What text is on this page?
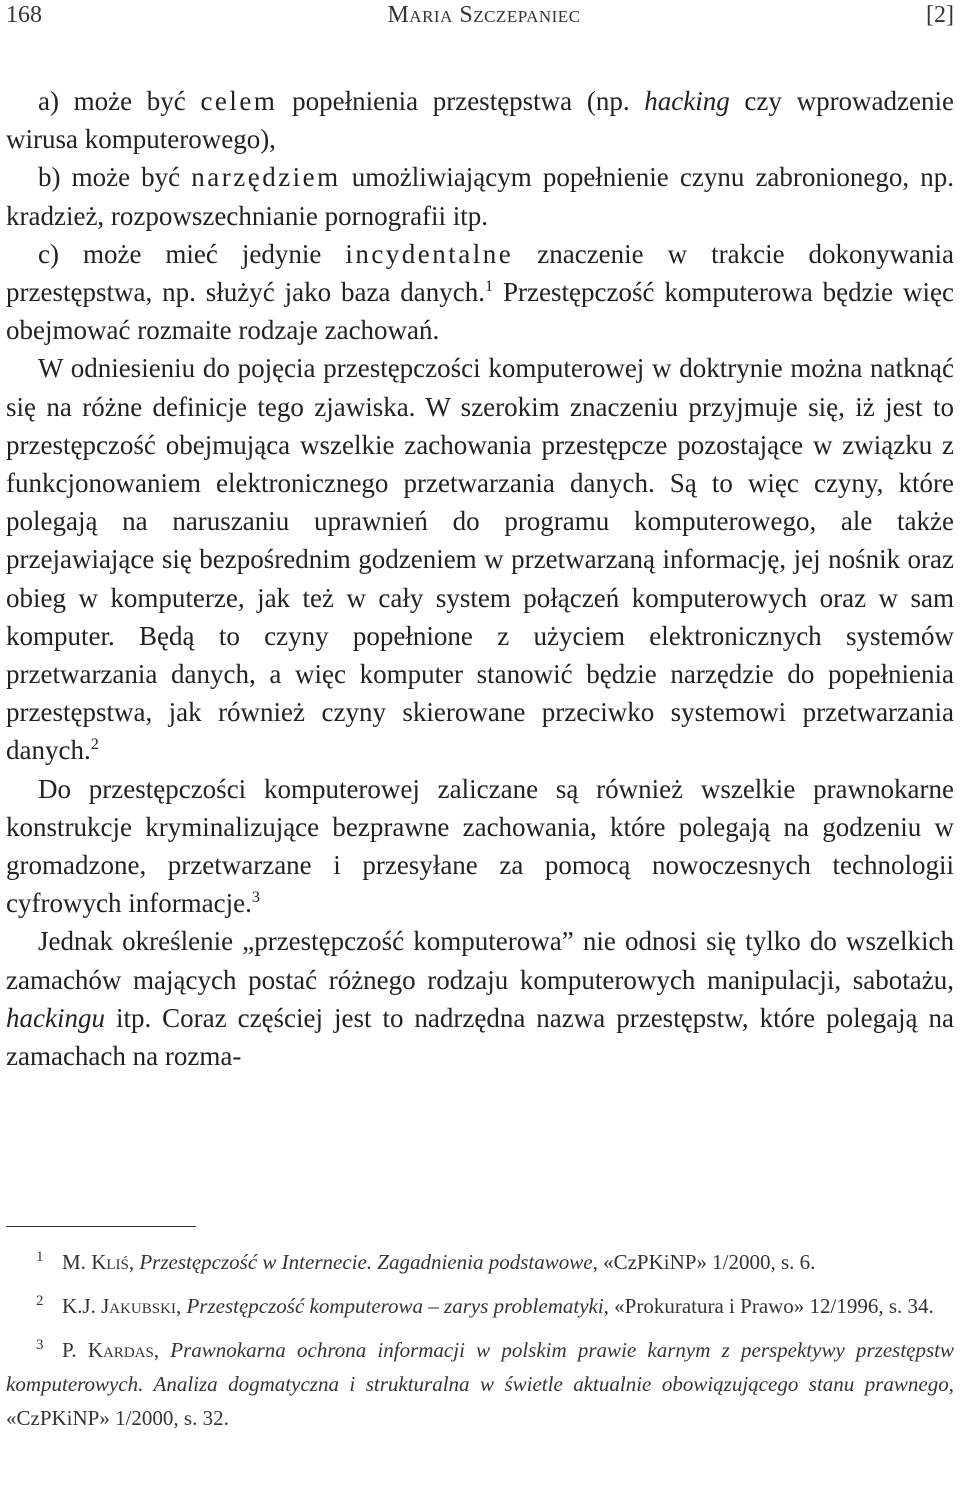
168	Maria Szczepaniec	[2]

a) może być celem popełnienia przestępstwa (np. hacking czy wprowadzenie wirusa komputerowego),

b) może być narzędziem umożliwiającym popełnienie czynu zabronionego, np. kradzież, rozpowszechnianie pornografii itp.

c) może mieć jedynie incydentalne znaczenie w trakcie dokonywania przestępstwa, np. służyć jako baza danych.$^1$ Przestępczość komputerowa będzie więc obejmować rozmaite rodzaje zachowań.

W odniesieniu do pojęcia przestępczości komputerowej w doktrynie można natknąć się na różne definicje tego zjawiska. W szerokim znaczeniu przyjmuje się, iż jest to przestępczość obejmująca wszelkie zachowania przestępcze pozostające w związku z funkcjonowaniem elektronicznego przetwarzania danych. Są to więc czyny, które polegają na naruszaniu uprawnień do programu komputerowego, ale także przejawiające się bezpośrednim godzeniem w przetwarzaną informację, jej nośnik oraz obieg w komputerze, jak też w cały system połączeń komputerowych oraz w sam komputer. Będą to czyny popełnione z użyciem elektronicznych systemów przetwarzania danych, a więc komputer stanowić będzie narzędzie do popełnienia przestępstwa, jak również czyny skierowane przeciwko systemowi przetwarzania danych.$^2$

Do przestępczości komputerowej zaliczane są również wszelkie prawnokarne konstrukcje kryminalizujące bezprawne zachowania, które polegają na godzeniu w gromadzone, przetwarzane i przesyłane za pomocą nowoczesnych technologii cyfrowych informacje.$^3$

Jednak określenie „przestępczość komputerowa” nie odnosi się tylko do wszelkich zamachów mających postać różnego rodzaju komputerowych manipulacji, sabotażu, hackingu itp. Coraz częściej jest to nadrzędna nazwa przestępstw, które polegają na zamachach na rozma-

1 M. Kliś, Przestępczość w Internecie. Zagadnienia podstawowe, «CzPKiNP» 1/2000, s. 6.

2 K.J. Jakubski, Przestępczość komputerowa – zarys problematyki, «Prokuratura i Prawo» 12/1996, s. 34.

3 P. Kardas, Prawnokarna ochrona informacji w polskim prawie karnym z perspektywy przestępstw komputerowych. Analiza dogmatyczna i strukturalna w świetle aktualnie obowiązującego stanu prawnego, «CzPKiNP» 1/2000, s. 32.
